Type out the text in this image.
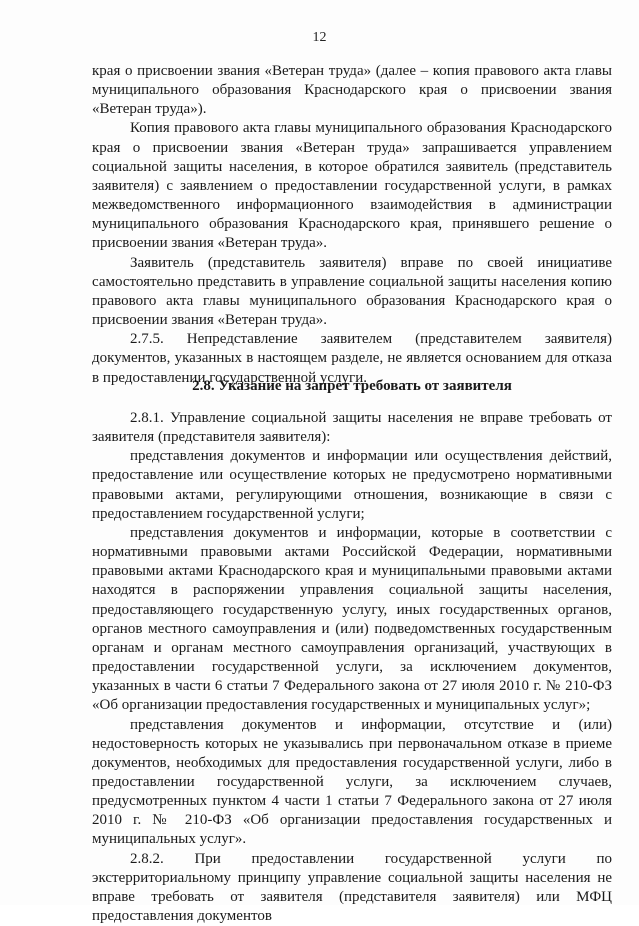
12

края о присвоении звания «Ветеран труда» (далее – копия правового акта главы муниципального образования Краснодарского края о присвоении звания «Ветеран труда»).

Копия правового акта главы муниципального образования Краснодарского края о присвоении звания «Ветеран труда» запрашивается управлением социальной защиты населения, в которое обратился заявитель (представитель заявителя) с заявлением о предоставлении государственной услуги, в рамках межведомственного информационного взаимодействия в администрации муниципального образования Краснодарского края, принявшего решение о присвоении звания «Ветеран труда».

Заявитель (представитель заявителя) вправе по своей инициативе самостоятельно представить в управление социальной защиты населения копию правового акта главы муниципального образования Краснодарского края о присвоении звания «Ветеран труда».

2.7.5. Непредставление заявителем (представителем заявителя) документов, указанных в настоящем разделе, не является основанием для отказа в предоставлении государственной услуги.

2.8. Указание на запрет требовать от заявителя

2.8.1. Управление социальной защиты населения не вправе требовать от заявителя (представителя заявителя):

представления документов и информации или осуществления действий, предоставление или осуществление которых не предусмотрено нормативными правовыми актами, регулирующими отношения, возникающие в связи с предоставлением государственной услуги;

представления документов и информации, которые в соответствии с нормативными правовыми актами Российской Федерации, нормативными правовыми актами Краснодарского края и муниципальными правовыми актами находятся в распоряжении управления социальной защиты населения, предоставляющего государственную услугу, иных государственных органов, органов местного самоуправления и (или) подведомственных государственным органам и органам местного самоуправления организаций, участвующих в предоставлении государственной услуги, за исключением документов, указанных в части 6 статьи 7 Федерального закона от 27 июля 2010 г. № 210-ФЗ «Об организации предоставления государственных и муниципальных услуг»;

представления документов и информации, отсутствие и (или) недостоверность которых не указывались при первоначальном отказе в приеме документов, необходимых для предоставления государственной услуги, либо в предоставлении государственной услуги, за исключением случаев, предусмотренных пунктом 4 части 1 статьи 7 Федерального закона от 27 июля 2010 г. № 210-ФЗ «Об организации предоставления государственных и муниципальных услуг».

2.8.2. При предоставлении государственной услуги по экстерриториальному принципу управление социальной защиты населения не вправе требовать от заявителя (представителя заявителя) или МФЦ предоставления документов
